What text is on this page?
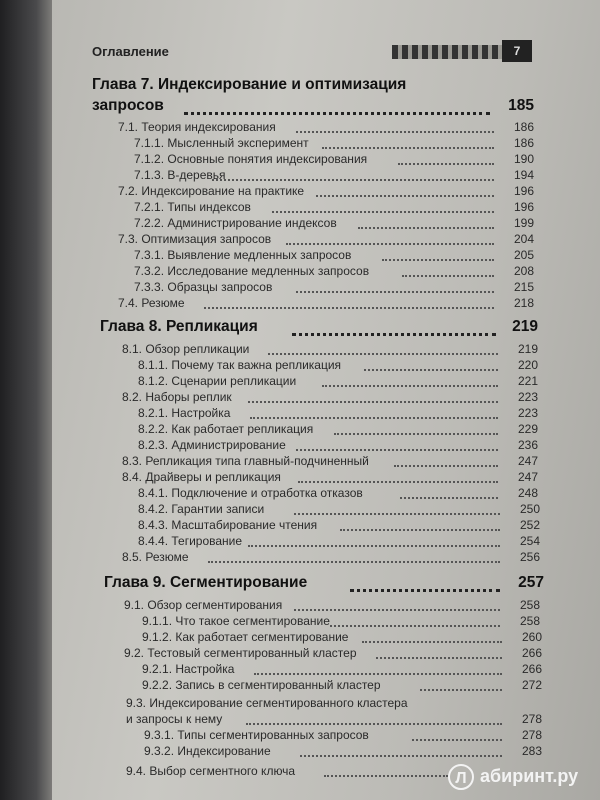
Оглавление	7
Глава 7. Индексирование и оптимизация
запросов	185
7.1. Теория индексирования	186
7.1.1. Мысленный эксперимент	186
7.1.2. Основные понятия индексирования	190
7.1.3. В-деревья	194
7.2. Индексирование на практике	196
7.2.1. Типы индексов	196
7.2.2. Администрирование индексов	199
7.3. Оптимизация запросов	204
7.3.1. Выявление медленных запросов	205
7.3.2. Исследование медленных запросов	208
7.3.3. Образцы запросов	215
7.4. Резюме	218
Глава 8. Репликация	219
8.1. Обзор репликации	219
8.1.1. Почему так важна репликация	220
8.1.2. Сценарии репликации	221
8.2. Наборы реплик	223
8.2.1. Настройка	223
8.2.2. Как работает репликация	229
8.2.3. Администрирование	236
8.3. Репликация типа главный-подчиненный	247
8.4. Драйверы и репликация	247
8.4.1. Подключение и отработка отказов	248
8.4.2. Гарантии записи	250
8.4.3. Масштабирование чтения	252
8.4.4. Тегирование	254
8.5. Резюме	256
Глава 9. Сегментирование	257
9.1. Обзор сегментирования	258
9.1.1. Что такое сегментирование	258
9.1.2. Как работает сегментирование	260
9.2. Тестовый сегментированный кластер	266
9.2.1. Настройка	266
9.2.2. Запись в сегментированный кластер	272
9.3. Индексирование сегментированного кластера
и запросы к нему	278
9.3.1. Типы сегментированных запросов	278
9.3.2. Индексирование	283
9.4. Выбор сегментного ключа	Л абиринт.ру
